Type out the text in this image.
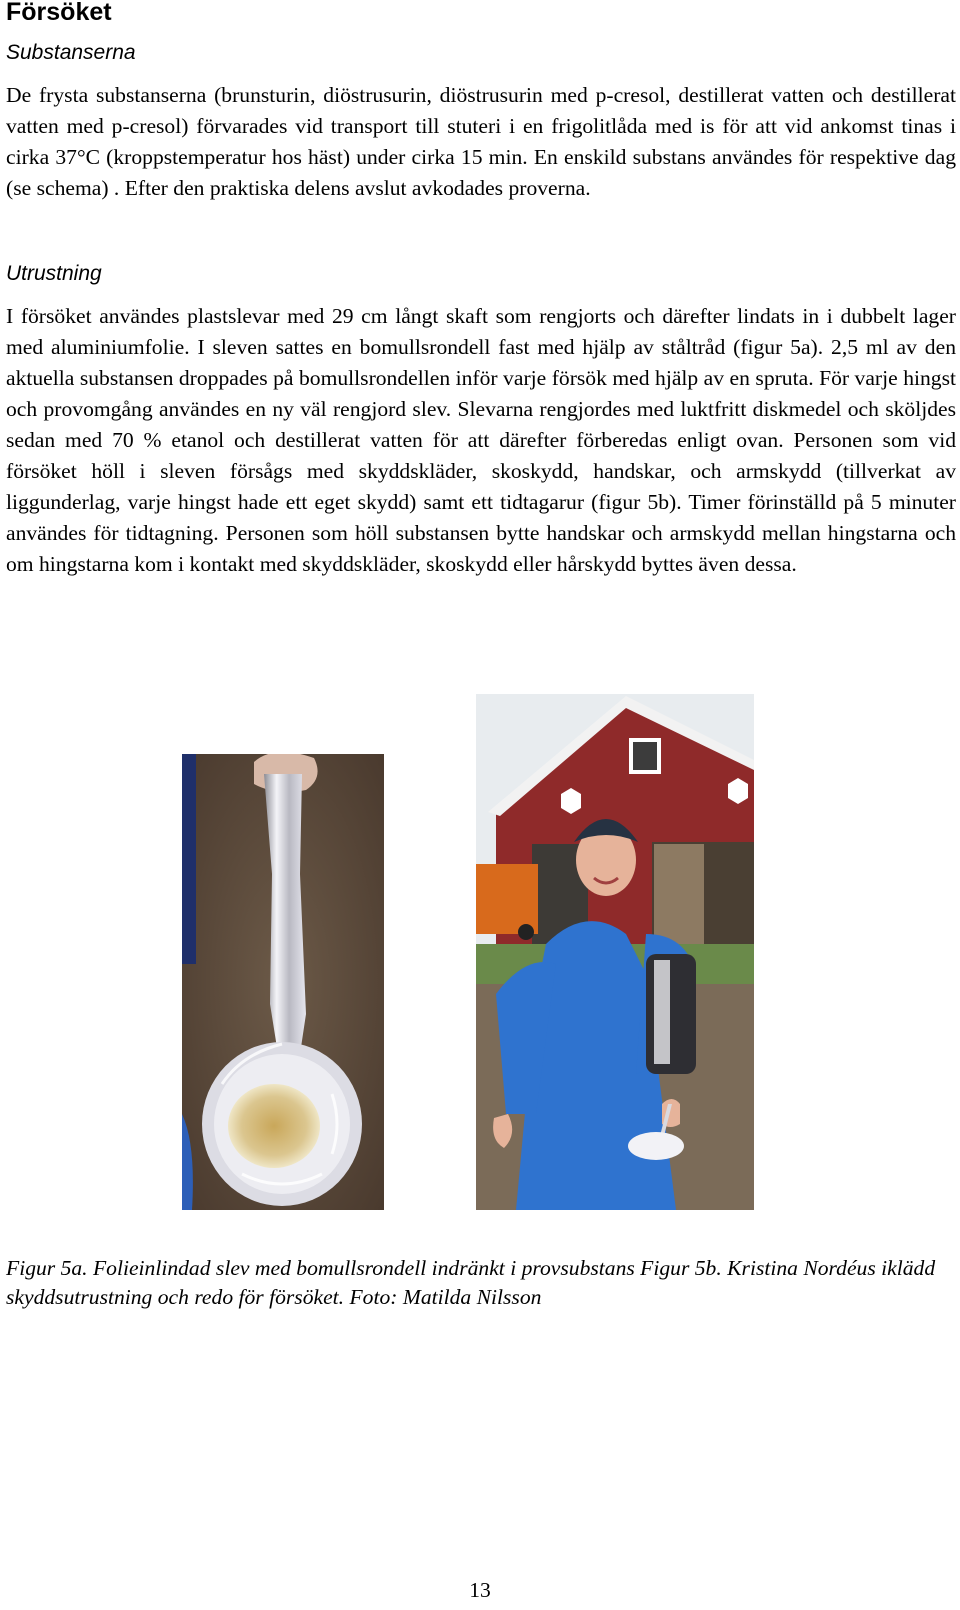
Försöket
Substanserna

De frysta substanserna (brunsturin, diöstrusurin, diöstrusurin med p-cresol, destillerat vatten och destillerat vatten med p-cresol) förvarades vid transport till stuteri i en frigolitlåda med is för att vid ankomst tinas i cirka 37°C (kroppstemperatur hos häst) under cirka 15 min. En enskild substans användes för respektive dag (se schema) . Efter den praktiska delens avslut avkodades proverna.

Utrustning

I försöket användes plastslevar med 29 cm långt skaft som rengjorts och därefter lindats in i dubbelt lager med aluminiumfolie. I sleven sattes en bomullsrondell fast med hjälp av ståltråd (figur 5a). 2,5 ml av den aktuella substansen droppades på bomullsrondellen inför varje försök med hjälp av en spruta. För varje hingst och provomgång användes en ny väl rengjord slev. Slevarna rengjordes med luktfritt diskmedel och sköljdes sedan med 70 % etanol och destillerat vatten för att därefter förberedas enligt ovan. Personen som vid försöket höll i sleven försågs med skyddskläder, skoskydd, handskar, och armskydd (tillverkat av liggunderlag, varje hingst hade ett eget skydd) samt ett tidtagarur (figur 5b). Timer förinställd på 5 minuter användes för tidtagning. Personen som höll substansen bytte handskar och armskydd mellan hingstarna och om hingstarna kom i kontakt med skyddskläder, skoskydd eller hårskydd byttes även dessa.

Figur 5a. Folieinlindad slev med bomullsrondell indränkt i provsubstans Figur 5b. Kristina Nordéus iklädd skyddsutrustning och redo för försöket. Foto: Matilda Nilsson

13
